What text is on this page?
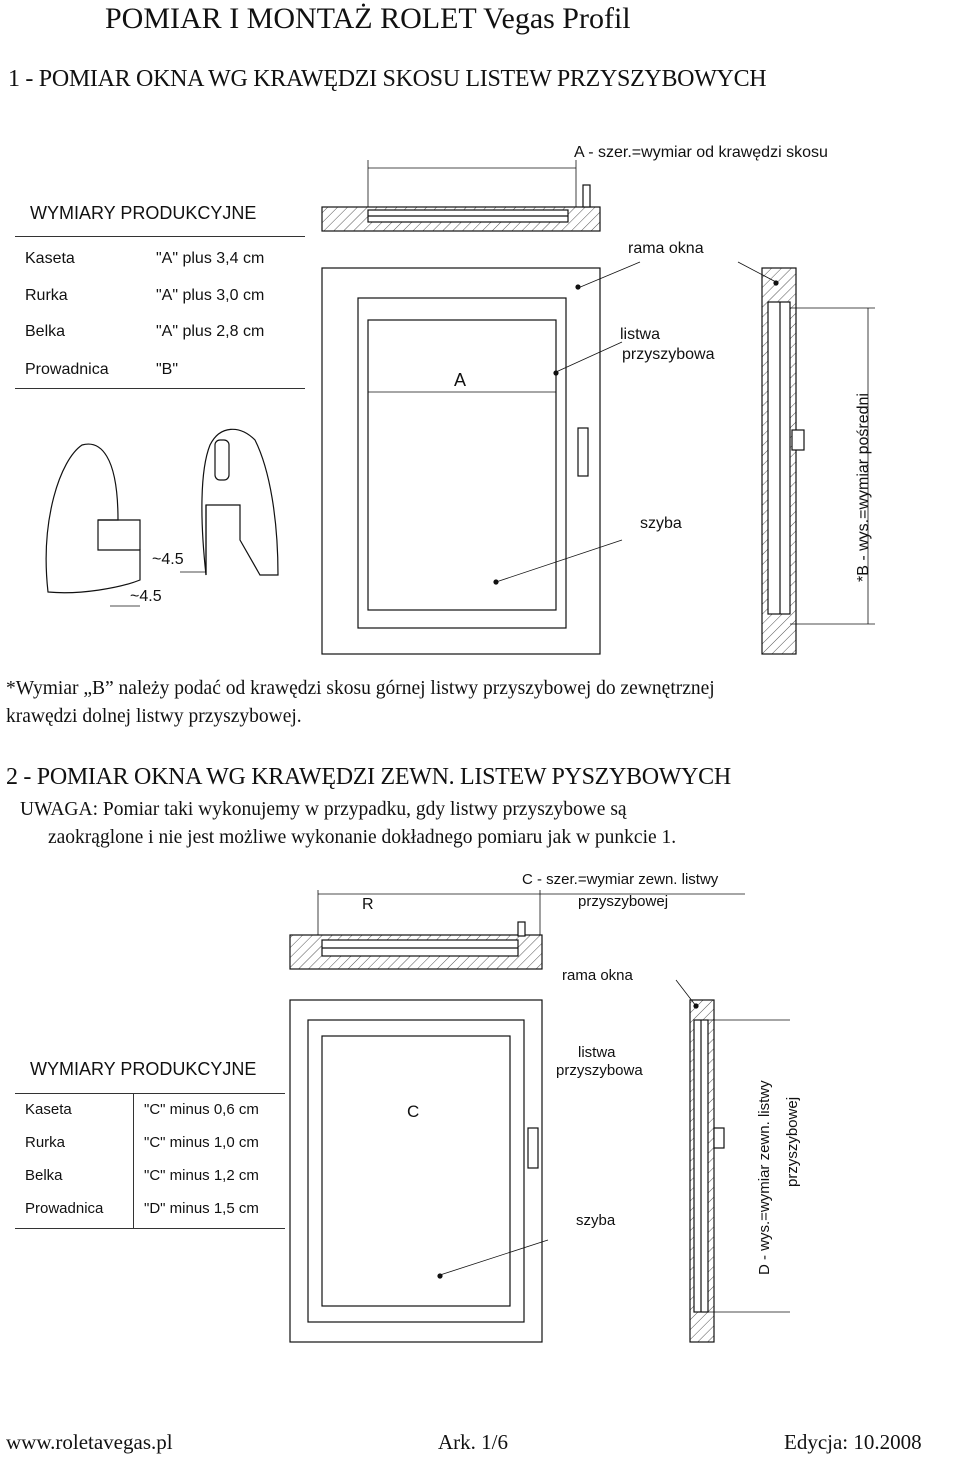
POMIAR I MONTAŻ ROLET Vegas Profil
1 - POMIAR OKNA WG KRAWĘDZI SKOSU LISTEW PRZYSZYBOWYCH
WYMIARY PRODUKCYJNE
Kaseta	"A" plus 3,4 cm
Rurka	"A" plus 3,0 cm
Belka	"A" plus 2,8 cm
Prowadnica	"B"
A - szer.=wymiar od krawędzi skosu
rama okna
listwa
przyszybowa
A
szyba	*B - wys.=wymiar pośredni
~4.5
~4.5
*Wymiar „B” należy podać od krawędzi skosu górnej listwy przyszybowej do zewnętrznej
krawędzi dolnej listwy przyszybowej.
2 - POMIAR OKNA WG KRAWĘDZI ZEWN. LISTEW PYSZYBOWYCH
UWAGA: Pomiar taki wykonujemy w przypadku, gdy listwy przyszybowe są
zaokrąglone i nie jest możliwe wykonanie dokładnego pomiaru jak w punkcie 1.
C - szer.=wymiar zewn. listwy
przyszybowej
R
rama okna
listwa
przyszybowa
C
szyba	D - wys.=wymiar zewn. listwy przyszybowej
WYMIARY PRODUKCYJNE
Kaseta	"C" minus 0,6 cm
Rurka	"C" minus 1,0 cm
Belka	"C" minus 1,2 cm
Prowadnica	"D" minus 1,5 cm
www.roletavegas.pl	Ark. 1/6	Edycja: 10.2008
